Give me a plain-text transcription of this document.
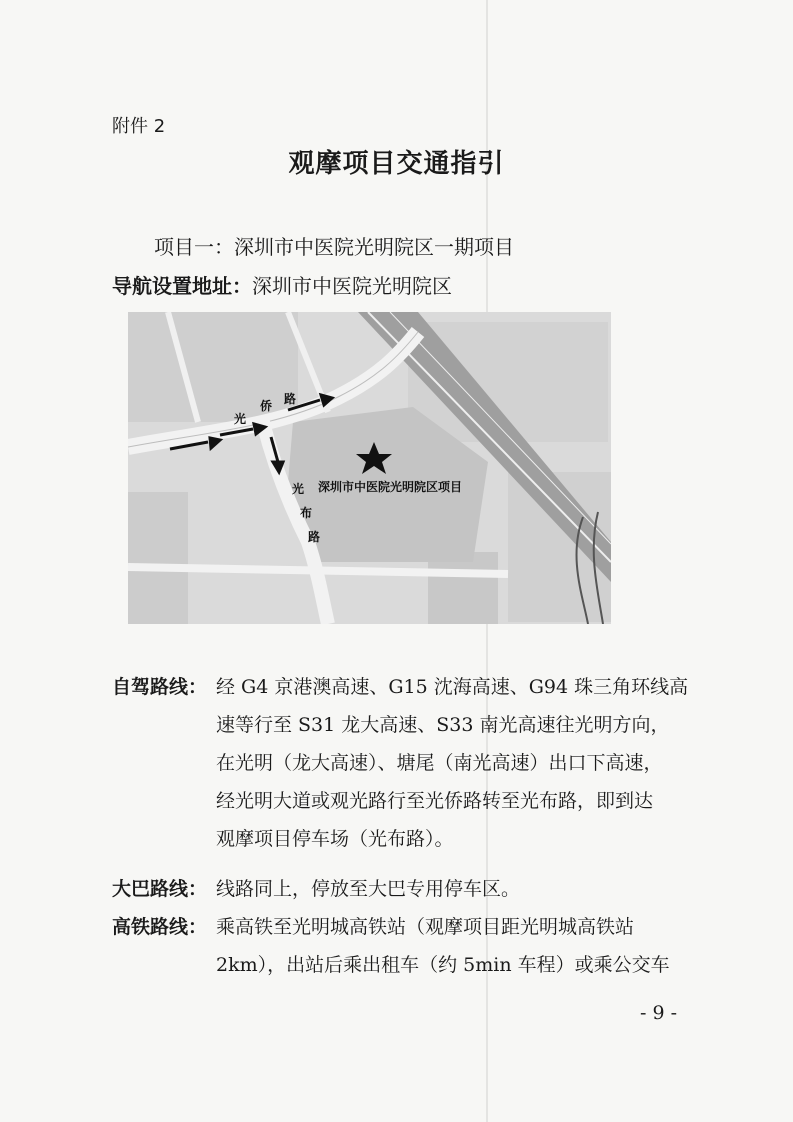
附件 2
观摩项目交通指引
项目一：深圳市中医院光明院区一期项目
导航设置地址：深圳市中医院光明院区
深圳市中医院光明院区项目
光
侨 路
光
布
路
自驾路线： 经 G4 京港澳高速、G15 沈海高速、G94 珠三角环线高
速等行至 S31 龙大高速、S33 南光高速往光明方向，
在光明（龙大高速）、塘尾（南光高速）出口下高速，
经光明大道或观光路行至光侨路转至光布路，即到达
观摩项目停车场（光布路）。
大巴路线： 线路同上，停放至大巴专用停车区。
高铁路线： 乘高铁至光明城高铁站（观摩项目距光明城高铁站
2km），出站后乘出租车（约 5min 车程）或乘公交车
- 9 -
